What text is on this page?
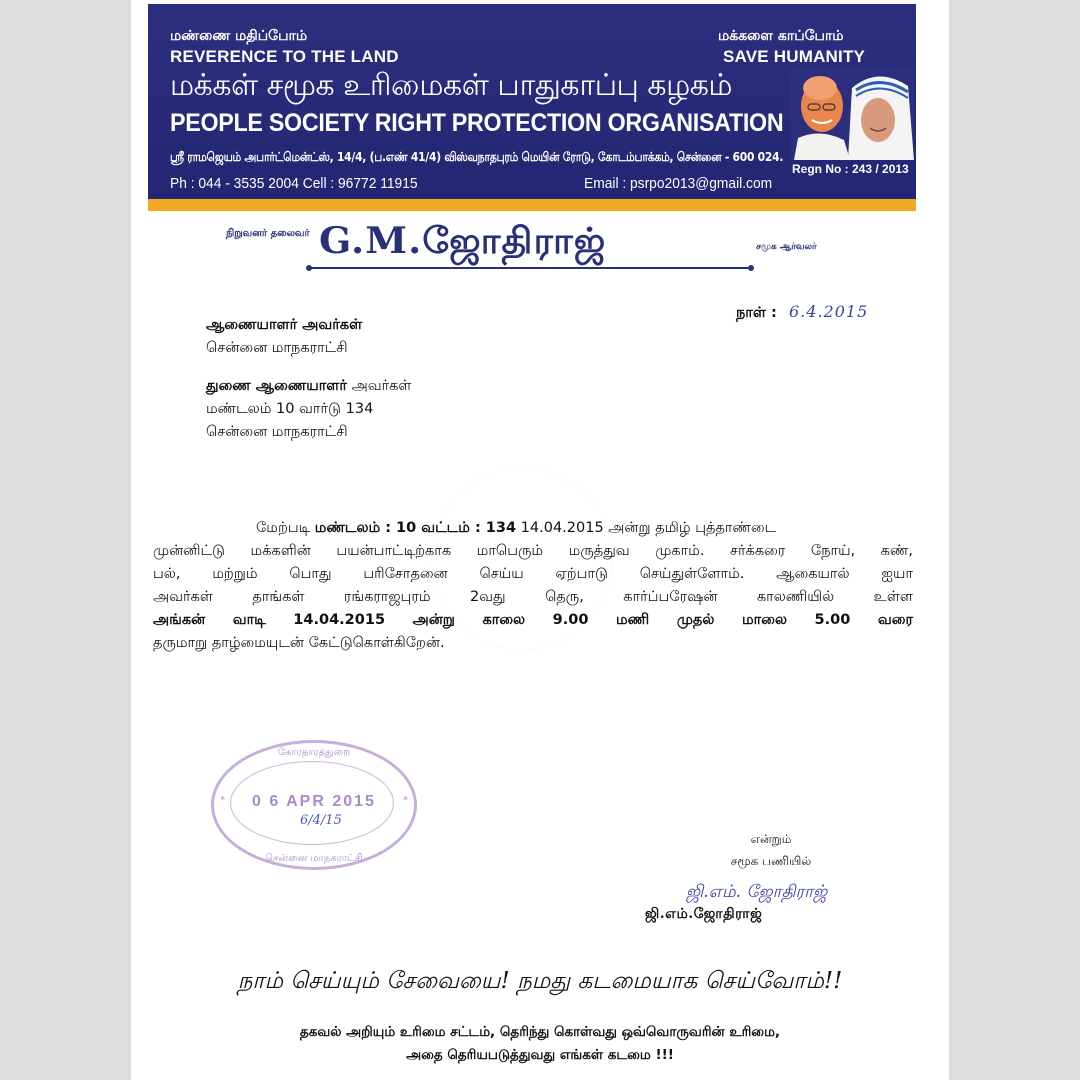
மண்ணை மதிப்போம்
REVERENCE TO THE LAND
மக்களை காப்போம்
SAVE HUMANITY
மக்கள் சமூக உரிமைகள் பாதுகாப்பு கழகம்
PEOPLE SOCIETY RIGHT PROTECTION ORGANISATION
ஸ்ரீ ராமஜெயம் அபார்ட்மென்ட்ஸ், 14/4, (ப.எண் 41/4) விஸ்வநாதபுரம் மெயின் ரோடு, கோடம்பாக்கம், சென்னை - 600 024.
Ph : 044 - 3535 2004 Cell : 96772 11915	Email : psrpo2013@gmail.com
Regn No : 243 / 2013
நிறுவனர் தலைவர் G.M.ஜோதிராஜ்	சமூக ஆர்வலர்
நாள் : 6.4.2015
ஆணையாளர் அவர்கள்
சென்னை மாநகராட்சி
துணை ஆணையாளர் அவர்கள்
மண்டலம் 10 வார்டு 134
சென்னை மாநகராட்சி
மேற்படி மண்டலம் : 10 வட்டம் : 134 14.04.2015 அன்று தமிழ் புத்தாண்டை
முன்னிட்டு மக்களின் பயன்பாட்டிற்காக மாபெரும் மருத்துவ முகாம். சர்க்கரை நோய், கண்,
பல், மற்றும் பொது பரிசோதனை செய்ய ஏற்பாடு செய்துள்ளோம். ஆகையால் ஐயா
அவர்கள் தாங்கள் ரங்கராஜபுரம் 2வது தெரு, கார்ப்பரேஷன் காலணியில் உள்ள
அங்கன் வாடி 14.04.2015 அன்று காலை 9.00 மணி முதல் மாலை 5.00 வரை
தருமாறு தாழ்மையுடன் கேட்டுகொள்கிறேன்.
கோரதாரத்துறை
*	*
0 6 APR 2015
6/4/15
சென்னை மாநகராட்சி
என்றும்
சமூக பணியில்
ஜி.எம். ஜோதிராஜ்
ஜி.எம்.ஜோதிராஜ்
நாம் செய்யும் சேவையை! நமது கடமையாக செய்வோம்!!
தகவல் அறியும் உரிமை சட்டம், தெரிந்து கொள்வது ஒவ்வொருவரின் உரிமை,
அதை தெரியபடுத்துவது எங்கள் கடமை !!!
